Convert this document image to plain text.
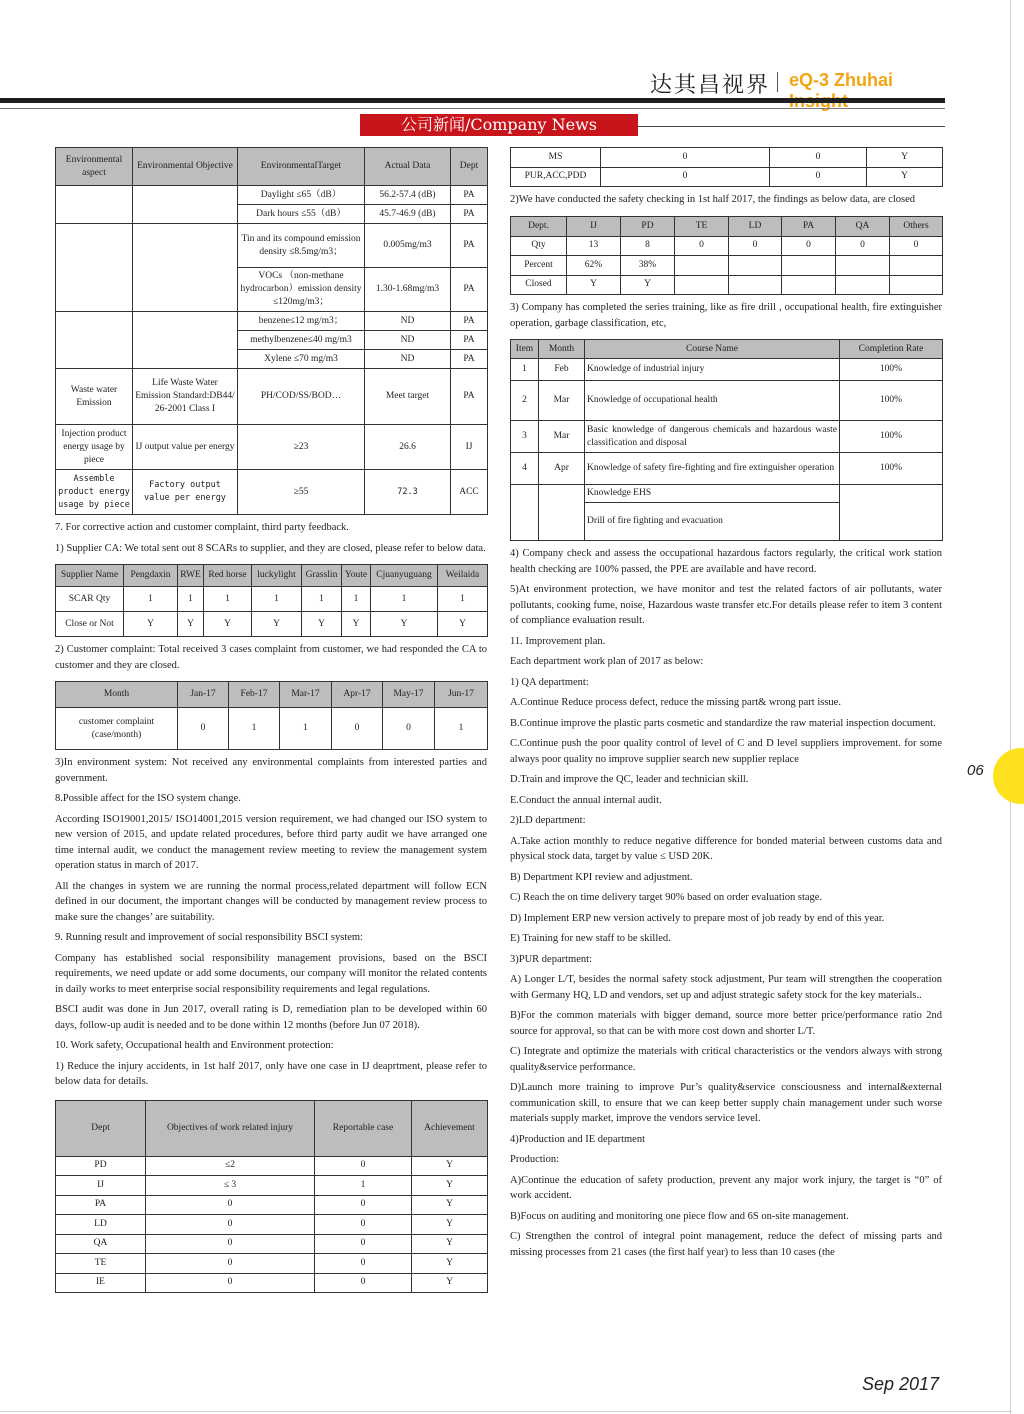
达其昌视界 eQ-3 Zhuhai
公司新闻/Company News
Environmental aspect	Environmental Objective	EnvironmentalTarget	Actual Data	Dept
		Daylight ≤65（dB）	56.2-57.4 (dB)	PA
		Dark hours ≤55（dB）	45.7-46.9 (dB)	PA
		Tin and its compound emission density ≤8.5mg/m3；	0.005mg/m3	PA
		VOCs （non-methane hydrocarbon）emission density ≤120mg/m3；	1.30-1.68mg/m3	PA
		benzene≤12 mg/m3；	ND	PA
		methylbenzene≤40 mg/m3	ND	PA
		Xylene ≤70 mg/m3	ND	PA
Waste water Emission	Life Waste Water Emission Standard:DB44/ 26-2001 Class I	PH/COD/SS/BOD…	Meet target	PA
Injection product energy usage by piece	IJ output value per energy	≥23	26.6	IJ
Assemble product energy usage by piece	Factory output value per energy	≥55	72.3	ACC

7. For corrective action and customer complaint, third party feedback.

1) Supplier CA: We total sent out 8 SCARs to supplier, and they are closed, please refer to below data.

Supplier Name	Pengdaxin	RWE	Red horse	luckylight	Grasslin	Youte	Cjuanyuguang	Weilaida
SCAR Qty	1	1	1	1	1	1	1	1
Close or Not	Y	Y	Y	Y	Y	Y	Y	Y

2) Customer complaint: Total received 3 cases complaint from customer, we had responded the CA to customer and they are closed.

Month	Jan-17	Feb-17	Mar-17	Apr-17	May-17	Jun-17
customer complaint (case/month)	0	1	1	0	0	1

3)In environment system: Not received any environmental complaints from interested parties and government.

8.Possible affect for the ISO system change.

According ISO19001,2015/ ISO14001,2015 version requirement, we had changed our ISO system to new version of 2015, and update related procedures, before third party audit we have arranged one time internal audit, we conduct the management review meeting to review the management system operation status in march of 2017.

All the changes in system we are running the normal process,related department will follow ECN defined in our document, the important changes will be conducted by management review process to make sure the changes’ are suitability.

9. Running result and improvement of social responsibility BSCI system:

Company has established social responsibility management provisions, based on the BSCI requirements, we need update or add some documents, our company will monitor the related contents in daily works to meet enterprise social responsibility requirements and legal regulations.

BSCI audit was done in Jun 2017, overall rating is D, remediation plan to be developed within 60 days, follow-up audit is needed and to be done within 12 months (before Jun 07 2018).

10. Work safety, Occupational health and Environment protection:

1) Reduce the injury accidents, in 1st half 2017, only have one case in IJ deaprtment, please refer to below data for details.

Dept	Objectives of work related injury	Reportable case	Achievement
PD	≤2	0	Y
IJ	≤ 3	1	Y
PA	0	0	Y
LD	0	0	Y
QA	0	0	Y
TE	0	0	Y
IE	0	0	Y
MS	0	0	Y
PUR,ACC,PDD	0	0	Y

2)We have conducted the safety checking in 1st half 2017, the findings as below data, are closed

Dept.	IJ	PD	TE	LD	PA	QA	Others
Qty	13	8	0	0	0	0	0
Percent	62%	38%					
Closed	Y	Y					

3) Company has completed the series training, like as fire drill , occupational health, fire extinguisher operation, garbage classification, etc,

Item	Month	Course Name	Completion Rate
1	Feb	Knowledge of industrial injury	100%
2	Mar	Knowledge of occupational health	100%
3	Mar	Basic knowledge of dangerous chemicals and hazardous waste classification and disposal	100%
4	Apr	Knowledge of safety fire-fighting and fire extinguisher operation	100%
		Knowledge EHS	
		Drill of fire fighting and evacuation	

4) Company check and assess the occupational hazardous factors regularly, the critical work station health checking are 100% passed, the PPE are available and have record.

5)At environment protection, we have monitor and test the related factors of air pollutants, water pollutants, cooking fume, noise, Hazardous waste transfer etc.For details please refer to item 3 content of compliance evaluation result.

11. Improvement plan.

Each department work plan of 2017 as below:

1) QA department:

A.Continue Reduce process defect, reduce the missing part& wrong part issue.

B.Continue improve the plastic parts cosmetic and standardize the raw material inspection document.

C.Continue push the poor quality control of level of C and D level suppliers improvement. for some always poor quality no improve supplier search new supplier replace

D.Train and improve the QC, leader and technician skill.

E.Conduct the annual internal audit.

2)LD department:

A.Take action monthly to reduce negative difference for bonded material between customs data and physical stock data, target by value ≤ USD 20K.

B) Department KPI review and adjustment.

C) Reach the on time delivery target 90% based on order evaluation stage.

D) Implement ERP new version actively to prepare most of job ready by end of this year.

E) Training for new staff to be skilled.

3)PUR department:

A) Longer L/T, besides the normal safety stock adjustment, Pur team will strengthen the cooperation with Germany HQ, LD and vendors, set up and adjust strategic safety stock for the key materials..

B)For the common materials with bigger demand, source more better price/performance ratio 2nd source for approval, so that can be with more cost down and shorter L/T.

C) Integrate and optimize the materials with critical characteristics or the vendors always with strong quality&service performance.

D)Launch more training to improve Pur’s quality&service consciousness and internal&external communication skill, to ensure that we can keep better supply chain management under such worse materials supply market, improve the vendors service level.

4)Production and IE department

Production:

A)Continue the education of safety production, prevent any major work injury, the target is “0” of work accident.

B)Focus on auditing and monitoring one piece flow and 6S on-site management.

C) Strengthen the control of integral point management, reduce the defect of missing parts and missing processes from 21 cases (the first half year) to less than 10 cases (the

06
Sep 2017
